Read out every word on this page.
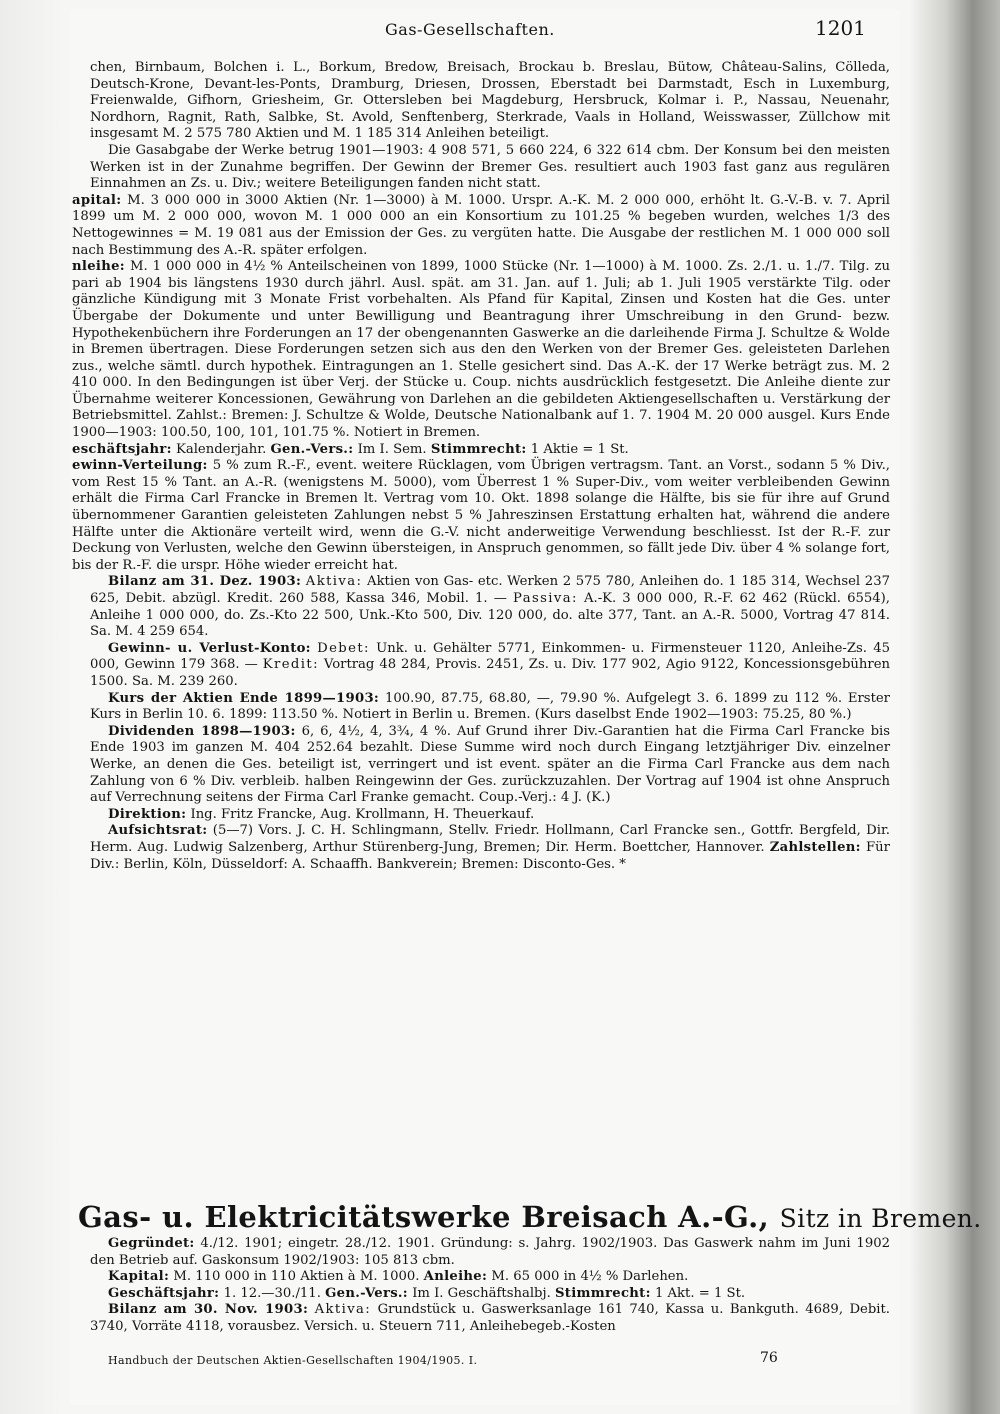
Gas-Gesellschaften.	1201

chen, Birnbaum, Bolchen i. L., Borkum, Bredow, Breisach, Brockau b. Breslau, Bütow, Château-Salins, Cölleda, Deutsch-Krone, Devant-les-Ponts, Dramburg, Driesen, Drossen, Eberstadt bei Darmstadt, Esch in Luxemburg, Freienwalde, Gifhorn, Griesheim, Gr. Ottersleben bei Magdeburg, Hersbruck, Kolmar i. P., Nassau, Neuenahr, Nordhorn, Ragnit, Rath, Salbke, St. Avold, Senftenberg, Sterkrade, Vaals in Holland, Weisswasser, Züllchow mit insgesamt M. 2 575 780 Aktien und M. 1 185 314 Anleihen beteiligt.

Die Gasabgabe der Werke betrug 1901—1903: 4 908 571, 5 660 224, 6 322 614 cbm. Der Konsum bei den meisten Werken ist in der Zunahme begriffen. Der Gewinn der Bremer Ges. resultiert auch 1903 fast ganz aus regulären Einnahmen an Zs. u. Div.; weitere Beteiligungen fanden nicht statt.

apital: M. 3 000 000 in 3000 Aktien (Nr. 1—3000) à M. 1000. Urspr. A.-K. M. 2 000 000, erhöht lt. G.-V.-B. v. 7. April 1899 um M. 2 000 000, wovon M. 1 000 000 an ein Konsortium zu 101.25 % begeben wurden, welches 1/3 des Nettogewinnes = M. 19 081 aus der Emission der Ges. zu vergüten hatte. Die Ausgabe der restlichen M. 1 000 000 soll nach Bestimmung des A.-R. später erfolgen.

nleihe: M. 1 000 000 in 4½ % Anteilscheinen von 1899, 1000 Stücke (Nr. 1—1000) à M. 1000. Zs. 2./1. u. 1./7. Tilg. zu pari ab 1904 bis längstens 1930 durch jährl. Ausl. spät. am 31. Jan. auf 1. Juli; ab 1. Juli 1905 verstärkte Tilg. oder gänzliche Kündigung mit 3 Monate Frist vorbehalten. Als Pfand für Kapital, Zinsen und Kosten hat die Ges. unter Übergabe der Dokumente und unter Bewilligung und Beantragung ihrer Umschreibung in den Grund- bezw. Hypothekenbüchern ihre Forderungen an 17 der obengenannten Gaswerke an die darleihende Firma J. Schultze & Wolde in Bremen übertragen. Diese Forderungen setzen sich aus den den Werken von der Bremer Ges. geleisteten Darlehen zus., welche sämtl. durch hypothek. Eintragungen an 1. Stelle gesichert sind. Das A.-K. der 17 Werke beträgt zus. M. 2 410 000. In den Bedingungen ist über Verj. der Stücke u. Coup. nichts ausdrücklich festgesetzt. Die Anleihe diente zur Übernahme weiterer Koncessionen, Gewährung von Darlehen an die gebildeten Aktiengesellschaften u. Verstärkung der Betriebsmittel. Zahlst.: Bremen: J. Schultze & Wolde, Deutsche Nationalbank auf 1. 7. 1904 M. 20 000 ausgel. Kurs Ende 1900—1903: 100.50, 100, 101, 101.75 %. Notiert in Bremen.

eschäftsjahr: Kalenderjahr. Gen.-Vers.: Im I. Sem. Stimmrecht: 1 Aktie = 1 St.

ewinn-Verteilung: 5 % zum R.-F., event. weitere Rücklagen, vom Übrigen vertragsm. Tant. an Vorst., sodann 5 % Div., vom Rest 15 % Tant. an A.-R. (wenigstens M. 5000), vom Überrest 1 % Super-Div., vom weiter verbleibenden Gewinn erhält die Firma Carl Francke in Bremen lt. Vertrag vom 10. Okt. 1898 solange die Hälfte, bis sie für ihre auf Grund übernommener Garantien geleisteten Zahlungen nebst 5 % Jahreszinsen Erstattung erhalten hat, während die andere Hälfte unter die Aktionäre verteilt wird, wenn die G.-V. nicht anderweitige Verwendung beschliesst. Ist der R.-F. zur Deckung von Verlusten, welche den Gewinn übersteigen, in Anspruch genommen, so fällt jede Div. über 4 % solange fort, bis der R.-F. die urspr. Höhe wieder erreicht hat.

Bilanz am 31. Dez. 1903: Aktiva: Aktien von Gas- etc. Werken 2 575 780, Anleihen do. 1 185 314, Wechsel 237 625, Debit. abzügl. Kredit. 260 588, Kassa 346, Mobil. 1. — Passiva: A.-K. 3 000 000, R.-F. 62 462 (Rückl. 6554), Anleihe 1 000 000, do. Zs.-Kto 22 500, Unk.-Kto 500, Div. 120 000, do. alte 377, Tant. an A.-R. 5000, Vortrag 47 814. Sa. M. 4 259 654.

Gewinn- u. Verlust-Konto: Debet: Unk. u. Gehälter 5771, Einkommen- u. Firmensteuer 1120, Anleihe-Zs. 45 000, Gewinn 179 368. — Kredit: Vortrag 48 284, Provis. 2451, Zs. u. Div. 177 902, Agio 9122, Koncessionsgebühren 1500. Sa. M. 239 260.

Kurs der Aktien Ende 1899—1903: 100.90, 87.75, 68.80, —, 79.90 %. Aufgelegt 3. 6. 1899 zu 112 %. Erster Kurs in Berlin 10. 6. 1899: 113.50 %. Notiert in Berlin u. Bremen. (Kurs daselbst Ende 1902—1903: 75.25, 80 %.)

Dividenden 1898—1903: 6, 6, 4½, 4, 3¾, 4 %. Auf Grund ihrer Div.-Garantien hat die Firma Carl Francke bis Ende 1903 im ganzen M. 404 252.64 bezahlt. Diese Summe wird noch durch Eingang letztjähriger Div. einzelner Werke, an denen die Ges. beteiligt ist, verringert und ist event. später an die Firma Carl Francke aus dem nach Zahlung von 6 % Div. verbleib. halben Reingewinn der Ges. zurückzuzahlen. Der Vortrag auf 1904 ist ohne Anspruch auf Verrechnung seitens der Firma Carl Franke gemacht. Coup.-Verj.: 4 J. (K.)

Direktion: Ing. Fritz Francke, Aug. Krollmann, H. Theuerkauf.

Aufsichtsrat: (5—7) Vors. J. C. H. Schlingmann, Stellv. Friedr. Hollmann, Carl Francke sen., Gottfr. Bergfeld, Dir. Herm. Aug. Ludwig Salzenberg, Arthur Stürenberg-Jung, Bremen; Dir. Herm. Boettcher, Hannover. Zahlstellen: Für Div.: Berlin, Köln, Düsseldorf: A. Schaaffh. Bankverein; Bremen: Disconto-Ges. *

Gas- u. Elektricitätswerke Breisach A.-G., Sitz in Bremen.

Gegründet: 4./12. 1901; eingetr. 28./12. 1901. Gründung: s. Jahrg. 1902/1903. Das Gaswerk nahm im Juni 1902 den Betrieb auf. Gaskonsum 1902/1903: 105 813 cbm.

Kapital: M. 110 000 in 110 Aktien à M. 1000. Anleihe: M. 65 000 in 4½ % Darlehen.

Geschäftsjahr: 1. 12.—30./11. Gen.-Vers.: Im I. Geschäftshalbj. Stimmrecht: 1 Akt. = 1 St.

Bilanz am 30. Nov. 1903: Aktiva: Grundstück u. Gaswerksanlage 161 740, Kassa u. Bankguth. 4689, Debit. 3740, Vorräte 4118, vorausbez. Versich. u. Steuern 711, Anleihebegeb.-Kosten

Handbuch der Deutschen Aktien-Gesellschaften 1904/1905. I.	76
